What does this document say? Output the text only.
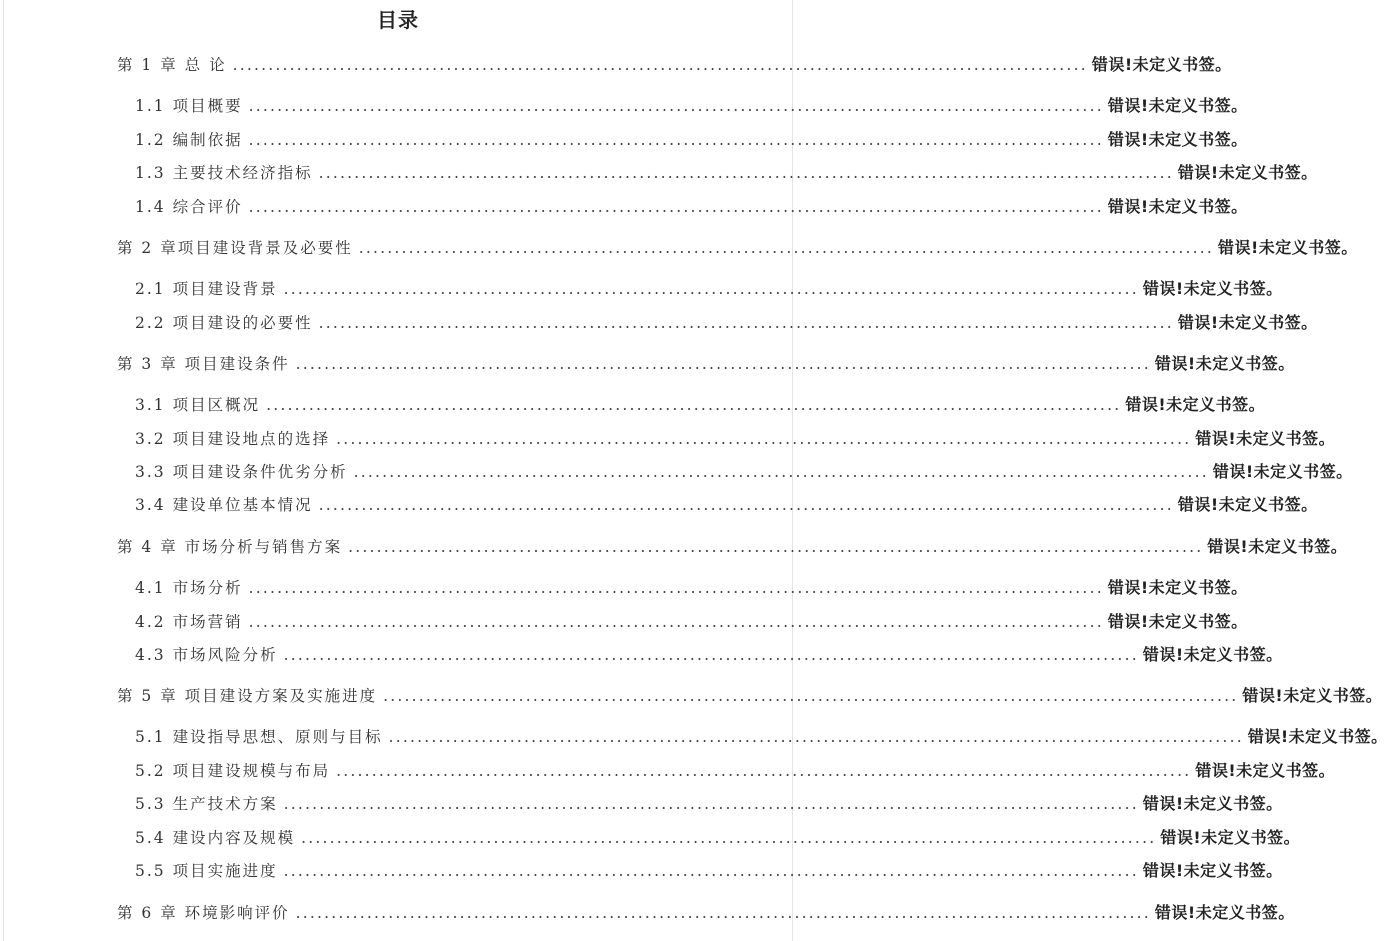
目录
第 1 章 总 论 ........................................................................................................................ 错误!未定义书签。
1.1 项目概要 ........................................................................................................................ 错误!未定义书签。
1.2 编制依据 ........................................................................................................................ 错误!未定义书签。
1.3 主要技术经济指标 ........................................................................................................................ 错误!未定义书签。
1.4 综合评价 ........................................................................................................................ 错误!未定义书签。
第 2 章项目建设背景及必要性 ........................................................................................................................ 错误!未定义书签。
2.1 项目建设背景 ........................................................................................................................ 错误!未定义书签。
2.2 项目建设的必要性 ........................................................................................................................ 错误!未定义书签。
第 3 章 项目建设条件 ........................................................................................................................ 错误!未定义书签。
3.1 项目区概况 ........................................................................................................................ 错误!未定义书签。
3.2 项目建设地点的选择 ........................................................................................................................ 错误!未定义书签。
3.3 项目建设条件优劣分析 ........................................................................................................................ 错误!未定义书签。
3.4 建设单位基本情况 ........................................................................................................................ 错误!未定义书签。
第 4 章 市场分析与销售方案 ........................................................................................................................ 错误!未定义书签。
4.1 市场分析 ........................................................................................................................ 错误!未定义书签。
4.2 市场营销 ........................................................................................................................ 错误!未定义书签。
4.3 市场风险分析 ........................................................................................................................ 错误!未定义书签。
第 5 章 项目建设方案及实施进度 ........................................................................................................................ 错误!未定义书签。
5.1 建设指导思想、原则与目标 ........................................................................................................................ 错误!未定义书签。
5.2 项目建设规模与布局 ........................................................................................................................ 错误!未定义书签。
5.3 生产技术方案 ........................................................................................................................ 错误!未定义书签。
5.4 建设内容及规模 ........................................................................................................................ 错误!未定义书签。
5.5 项目实施进度 ........................................................................................................................ 错误!未定义书签。
第 6 章 环境影响评价 ........................................................................................................................ 错误!未定义书签。
